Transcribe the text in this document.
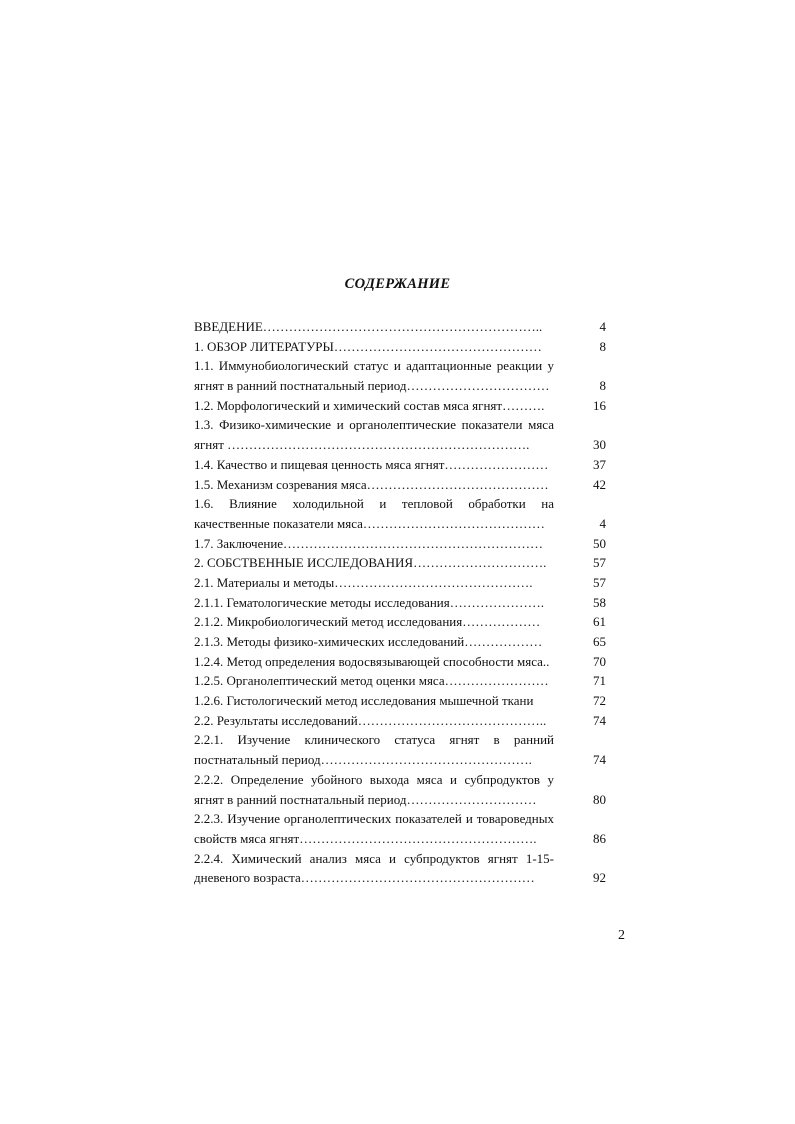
СОДЕРЖАНИЕ
ВВЕДЕНИЕ………………………………………………………..	4
1. ОБЗОР ЛИТЕРАТУРЫ…………………………………………	8
1.1. Иммунобиологический статус и адаптационные реакции у
ягнят в ранний постнатальный период……………………………	8
1.2. Морфологический и химический состав мяса ягнят……….	16
1.3. Физико-химические и органолептические показатели мяса
ягнят …………………………………………………………….	30
1.4. Качество и пищевая ценность мяса ягнят……………………	37
1.5. Механизм созревания мяса……………………………………	42
1.6. Влияние холодильной и тепловой обработки на
качественные показатели мяса……………………………………	4
1.7. Заключение……………………………………………………	50
2. СОБСТВЕННЫЕ ИССЛЕДОВАНИЯ………………………….	57
2.1. Материалы и методы……………………………………….	57
2.1.1. Гематологические методы исследования………………….	58
2.1.2. Микробиологический метод исследования………………	61
2.1.3. Методы физико-химических исследований………………	65
1.2.4. Метод определения водосвязывающей способности мяса..	70
1.2.5. Органолептический метод оценки мяса……………………	71
1.2.6. Гистологический метод исследования мышечной ткани	72
2.2. Результаты исследований……………………………………..	74
2.2.1. Изучение клинического статуса ягнят в ранний
постнатальный период………………………………………….	74
2.2.2. Определение убойного выхода мяса и субпродуктов у
ягнят в ранний постнатальный период…………………………	80
2.2.3. Изучение органолептических показателей и товароведных
свойств мяса ягнят……………………………………………….	86
2.2.4. Химический анализ мяса и субпродуктов ягнят 1-15-
дневеного возраста………………………………………………	92
2
